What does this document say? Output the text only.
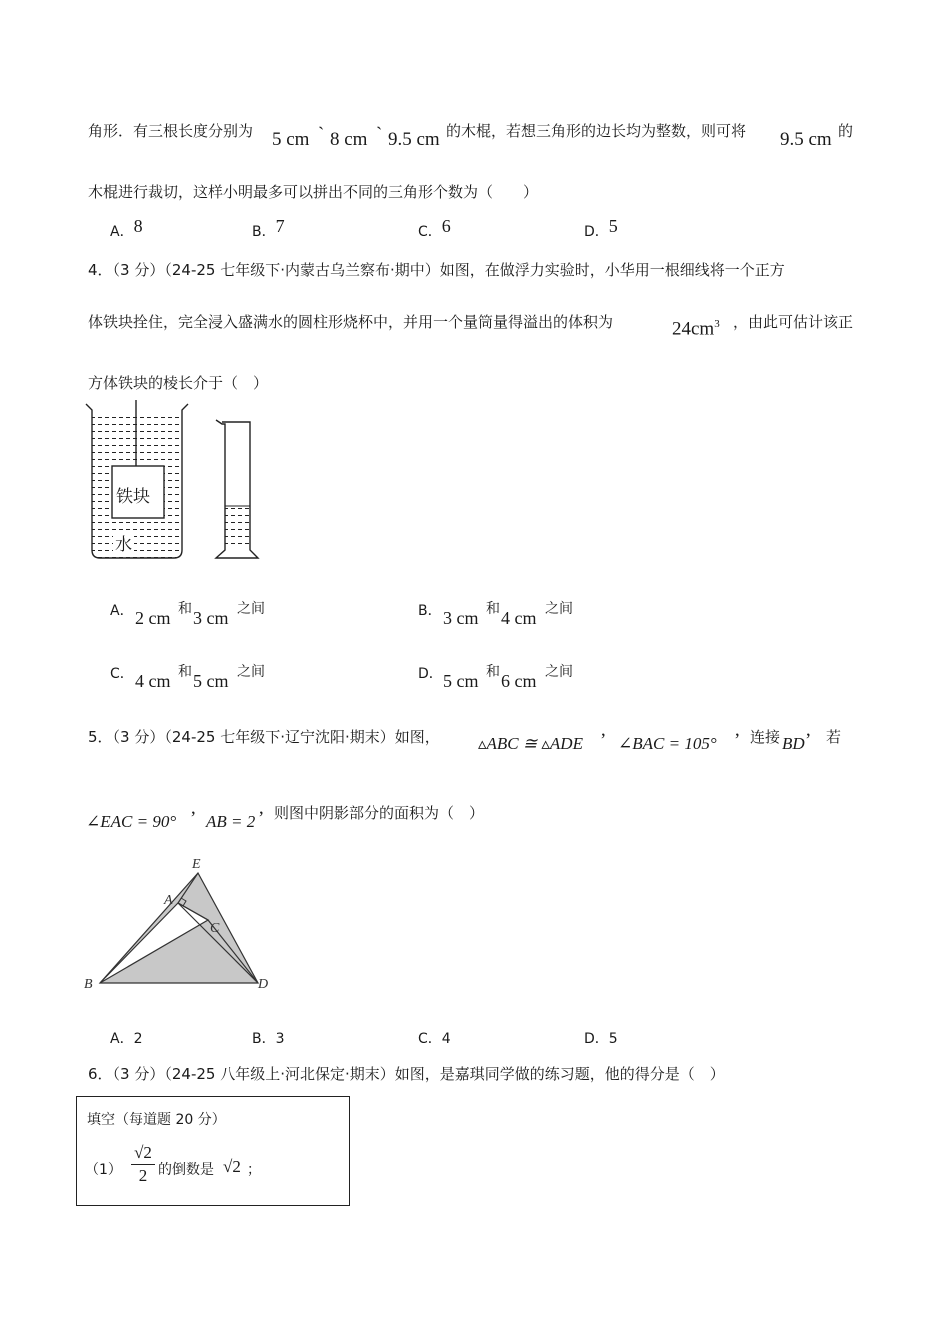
角形．有三根长度分别为 5 cm ` 8 cm ` 9.5 cm 的木棍，若想三角形的边长均为整数，则可将 9.5 cm 的
木棍进行裁切，这样小明最多可以拼出不同的三角形个数为（　　）
A．8	B．7	C．6	D．5
4．（3 分）（24-25 七年级下·内蒙古乌兰察布·期中）如图，在做浮力实验时，小华用一根细线将一个正方
体铁块拴住，完全浸入盛满水的圆柱形烧杯中，并用一个量筒量得溢出的体积为	$24cm^3$ ，由此可估计该正
方体铁块的棱长介于（　）
铁块
水
A． 2 cm 和 3 cm 之间	B． 3 cm 和 4 cm 之间
C． 4 cm 和 5 cm 之间	D． 5 cm 和 6 cm 之间
5．（3 分）（24-25 七年级下·辽宁沈阳·期末）如图， ▵ABC ≅ ▵ADE ’ ∠BAC = 105° ’ 连接 BD ’ 若
∠EAC = 90° ’ AB = 2 ’ 则图中阴影部分的面积为（　）
E
A
C
B	D
A．2	B．3	C．4	D．5
6．（3 分）（24-25 八年级上·河北保定·期末）如图，是嘉琪同学做的练习题，他的得分是（　）
填空（每道题 20 分）
（1）
√2
2 的倒数是 √2 ；
